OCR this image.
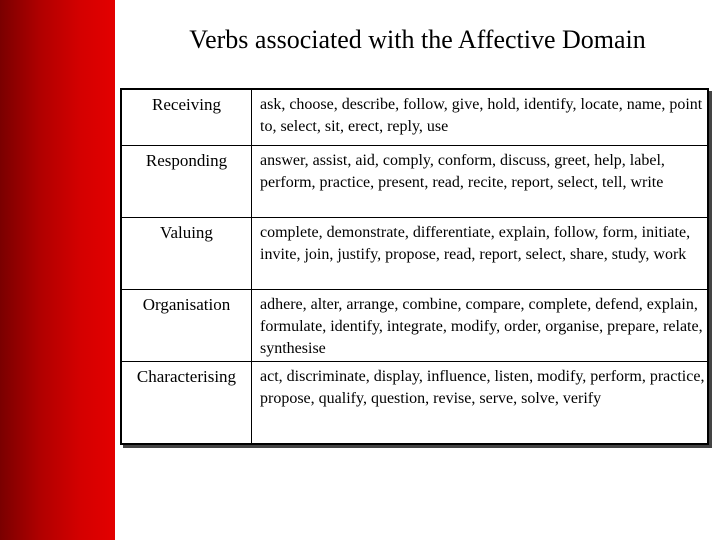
Verbs associated with the Affective Domain
Receiving	ask, choose, describe, follow, give, hold, identify, locate, name, point to, select, sit, erect, reply, use
Responding	answer, assist, aid, comply, conform, discuss, greet, help, label, perform, practice, present, read, recite, report, select, tell, write
Valuing	complete, demonstrate, differentiate, explain, follow, form, initiate, invite, join, justify, propose, read, report, select, share, study, work
Organisation	adhere, alter, arrange, combine, compare, complete, defend, explain, formulate, identify, integrate, modify, order, organise, prepare, relate, synthesise
Characterising	act, discriminate, display, influence, listen, modify, perform, practice, propose, qualify, question, revise, serve, solve, verify
